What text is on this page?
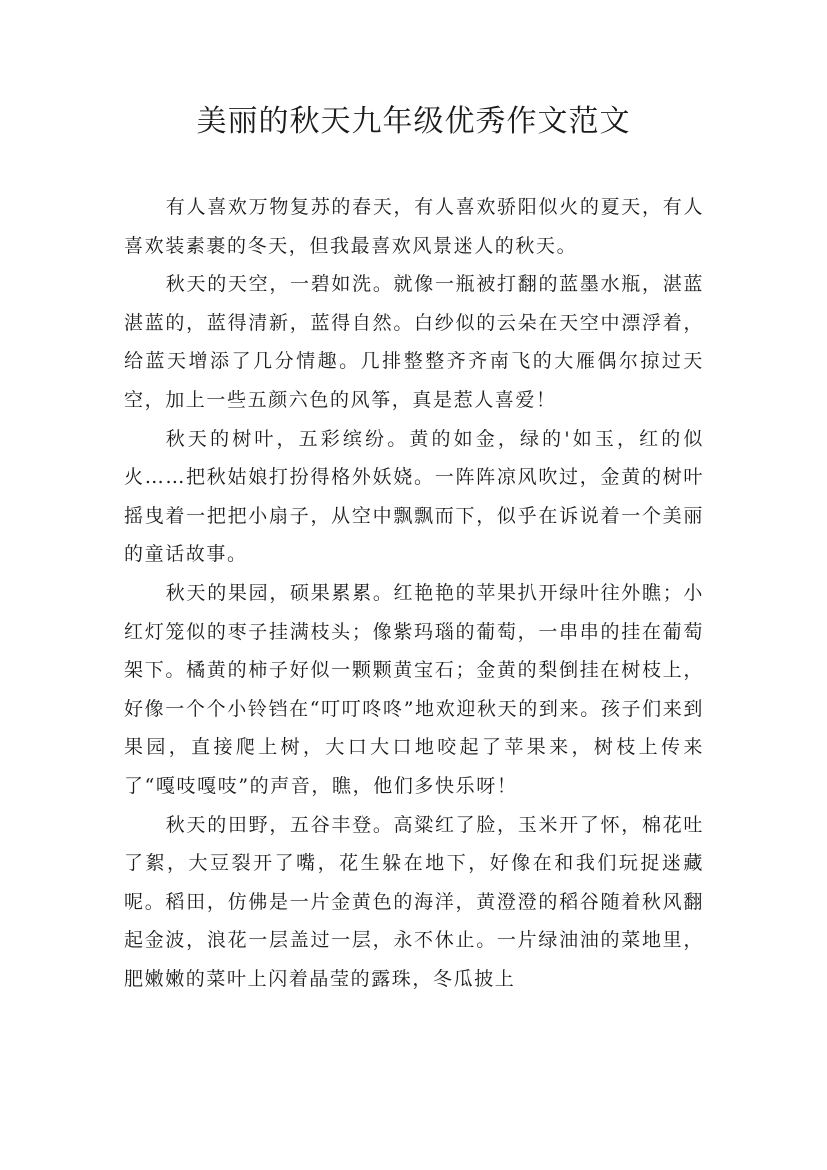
美丽的秋天九年级优秀作文范文

有人喜欢万物复苏的春天，有人喜欢骄阳似火的夏天，有人喜欢装素裹的冬天，但我最喜欢风景迷人的秋天。

秋天的天空，一碧如洗。就像一瓶被打翻的蓝墨水瓶，湛蓝湛蓝的，蓝得清新，蓝得自然。白纱似的云朵在天空中漂浮着，给蓝天增添了几分情趣。几排整整齐齐南飞的大雁偶尔掠过天空，加上一些五颜六色的风筝，真是惹人喜爱！

秋天的树叶，五彩缤纷。黄的如金，绿的'如玉，红的似火……把秋姑娘打扮得格外妖娆。一阵阵凉风吹过，金黄的树叶摇曳着一把把小扇子，从空中飘飘而下，似乎在诉说着一个美丽的童话故事。

秋天的果园，硕果累累。红艳艳的苹果扒开绿叶往外瞧；小红灯笼似的枣子挂满枝头；像紫玛瑙的葡萄，一串串的挂在葡萄架下。橘黄的柿子好似一颗颗黄宝石；金黄的梨倒挂在树枝上，好像一个个小铃铛在“叮叮咚咚”地欢迎秋天的到来。孩子们来到果园，直接爬上树，大口大口地咬起了苹果来，树枝上传来了“嘎吱嘎吱”的声音，瞧，他们多快乐呀！

秋天的田野，五谷丰登。高粱红了脸，玉米开了怀，棉花吐了絮，大豆裂开了嘴，花生躲在地下，好像在和我们玩捉迷藏呢。稻田，仿佛是一片金黄色的海洋，黄澄澄的稻谷随着秋风翻起金波，浪花一层盖过一层，永不休止。一片绿油油的菜地里，肥嫩嫩的菜叶上闪着晶莹的露珠，冬瓜披上
